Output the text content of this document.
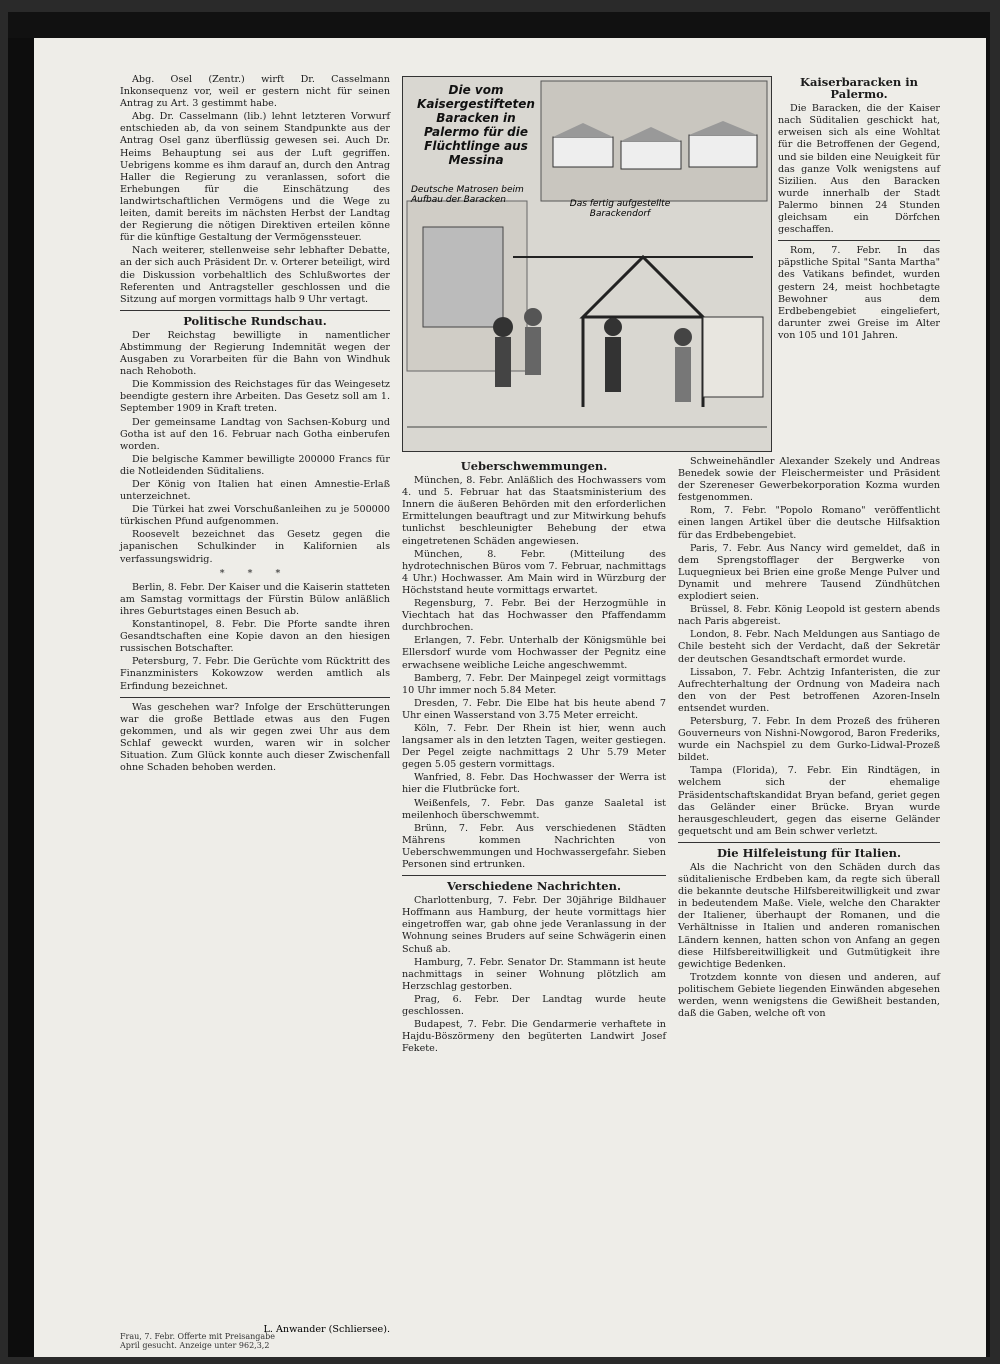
Abg. Osel (Zentr.) wirft Dr. Casselmann Inkonsequenz vor, weil er gestern nicht für seinen Antrag zu Art. 3 gestimmt habe.

Abg. Dr. Casselmann (lib.) lehnt letzteren Vorwurf entschieden ab, da von seinem Standpunkte aus der Antrag Osel ganz überflüssig gewesen sei. Auch Dr. Heims Behauptung sei aus der Luft gegriffen. Uebrigens komme es ihm darauf an, durch den Antrag Haller die Regierung zu veranlassen, sofort die Erhebungen für die Einschätzung des landwirtschaftlichen Vermögens und die Wege zu leiten, damit bereits im nächsten Herbst der Landtag der Regierung die nötigen Direktiven erteilen könne für die künftige Gestaltung der Vermögenssteuer.

Nach weiterer, stellenweise sehr lebhafter Debatte, an der sich auch Präsident Dr. v. Orterer beteiligt, wird die Diskussion vorbehaltlich des Schlußwortes der Referenten und Antragsteller geschlossen und die Sitzung auf morgen vormittags halb 9 Uhr vertagt.

Politische Rundschau.

Der Reichstag bewilligte in namentlicher Abstimmung der Regierung Indemnität wegen der Ausgaben zu Vorarbeiten für die Bahn von Windhuk nach Rehoboth.

Die Kommission des Reichstages für das Weingesetz beendigte gestern ihre Arbeiten. Das Gesetz soll am 1. September 1909 in Kraft treten.

Der gemeinsame Landtag von Sachsen-Koburg und Gotha ist auf den 16. Februar nach Gotha einberufen worden.

Die belgische Kammer bewilligte 200000 Francs für die Notleidenden Süditaliens.

Der König von Italien hat einen Amnestie-Erlaß unterzeichnet.

Die Türkei hat zwei Vorschußanleihen zu je 500000 türkischen Pfund aufgenommen.

Roosevelt bezeichnet das Gesetz gegen die japanischen Schulkinder in Kalifornien als verfassungswidrig.

* * *

Berlin, 8. Febr. Der Kaiser und die Kaiserin statteten am Samstag vormittags der Fürstin Bülow anläßlich ihres Geburtstages einen Besuch ab.

Konstantinopel, 8. Febr. Die Pforte sandte ihren Gesandtschaften eine Kopie davon an den hiesigen russischen Botschafter.

Petersburg, 7. Febr. Die Gerüchte vom Rücktritt des Finanzministers Kokowzow werden amtlich als Erfindung bezeichnet.

Was geschehen war? Infolge der Erschütterungen war die große Bettlade etwas aus den Fugen gekommen, und als wir gegen zwei Uhr aus dem Schlaf geweckt wurden, waren wir in solcher Situation. Zum Glück konnte auch dieser Zwischenfall ohne Schaden behoben werden.

L. Anwander (Schliersee).
Die vom Kaisergestifteten Baracken in Palermo für die Flüchtlinge aus Messina
Deutsche Matrosen beim Aufbau der Baracken	Das fertig aufgestellte Barackendorf
Kaiserbaracken in Palermo.

Die Baracken, die der Kaiser nach Süditalien geschickt hat, erweisen sich als eine Wohltat für die Betroffenen der Gegend, und sie bilden eine Neuigkeit für das ganze Volk wenigstens auf Sizilien. Aus den Baracken wurde innerhalb der Stadt Palermo binnen 24 Stunden gleichsam ein Dörfchen geschaffen.

Rom, 7. Febr. In das päpstliche Spital "Santa Martha" des Vatikans befindet, wurden gestern 24, meist hochbetagte Bewohner aus dem Erdbebengebiet eingeliefert, darunter zwei Greise im Alter von 105 und 101 Jahren.

Ueberschwemmungen.

München, 8. Febr. Anläßlich des Hochwassers vom 4. und 5. Februar hat das Staatsministerium des Innern die äußeren Behörden mit den erforderlichen Ermittelungen beauftragt und zur Mitwirkung behufs tunlichst beschleunigter Behebung der etwa eingetretenen Schäden angewiesen.

München, 8. Febr. (Mitteilung des hydrotechnischen Büros vom 7. Februar, nachmittags 4 Uhr.) Hochwasser. Am Main wird in Würzburg der Höchststand heute vormittags erwartet.

Regensburg, 7. Febr. Bei der Herzogmühle in Viechtach hat das Hochwasser den Pfaffendamm durchbrochen.

Erlangen, 7. Febr. Unterhalb der Königsmühle bei Ellersdorf wurde vom Hochwasser der Pegnitz eine erwachsene weibliche Leiche angeschwemmt.

Bamberg, 7. Febr. Der Mainpegel zeigt vormittags 10 Uhr immer noch 5.84 Meter.

Dresden, 7. Febr. Die Elbe hat bis heute abend 7 Uhr einen Wasserstand von 3.75 Meter erreicht.

Köln, 7. Febr. Der Rhein ist hier, wenn auch langsamer als in den letzten Tagen, weiter gestiegen. Der Pegel zeigte nachmittags 2 Uhr 5.79 Meter gegen 5.05 gestern vormittags.

Wanfried, 8. Febr. Das Hochwasser der Werra ist hier die Flutbrücke fort.

Weißenfels, 7. Febr. Das ganze Saaletal ist meilenhoch überschwemmt.

Brünn, 7. Febr. Aus verschiedenen Städten Mährens kommen Nachrichten von Ueberschwemmungen und Hochwassergefahr. Sieben Personen sind ertrunken.

Verschiedene Nachrichten.

Charlottenburg, 7. Febr. Der 30jährige Bildhauer Hoffmann aus Hamburg, der heute vormittags hier eingetroffen war, gab ohne jede Veranlassung in der Wohnung seines Bruders auf seine Schwägerin einen Schuß ab.

Hamburg, 7. Febr. Senator Dr. Stammann ist heute nachmittags in seiner Wohnung plötzlich am Herzschlag gestorben.

Prag, 6. Febr. Der Landtag wurde heute geschlossen.

Budapest, 7. Febr. Die Gendarmerie verhaftete in Hajdu-Böszörmeny den begüterten Landwirt Josef Fekete.

Schweinehändler Alexander Szekely und Andreas Benedek sowie der Fleischermeister und Präsident der Szereneser Gewerbekorporation Kozma wurden festgenommen.

Rom, 7. Febr. "Popolo Romano" veröffentlicht einen langen Artikel über die deutsche Hilfsaktion für das Erdbebengebiet.

Paris, 7. Febr. Aus Nancy wird gemeldet, daß in dem Sprengstofflager der Bergwerke von Luquegnieux bei Brien eine große Menge Pulver und Dynamit und mehrere Tausend Zündhütchen explodiert seien.

Brüssel, 8. Febr. König Leopold ist gestern abends nach Paris abgereist.

London, 8. Febr. Nach Meldungen aus Santiago de Chile besteht sich der Verdacht, daß der Sekretär der deutschen Gesandtschaft ermordet wurde.

Lissabon, 7. Febr. Achtzig Infanteristen, die zur Aufrechterhaltung der Ordnung von Madeira nach den von der Pest betroffenen Azoren-Inseln entsendet wurden.

Petersburg, 7. Febr. In dem Prozeß des früheren Gouverneurs von Nishni-Nowgorod, Baron Frederiks, wurde ein Nachspiel zu dem Gurko-Lidwal-Prozeß bildet.

Tampa (Florida), 7. Febr. Ein Rindtägen, in welchem sich der ehemalige Präsidentschaftskandidat Bryan befand, geriet gegen das Geländer einer Brücke. Bryan wurde herausgeschleudert, gegen das eiserne Geländer gequetscht und am Bein schwer verletzt.

Die Hilfeleistung für Italien.

Als die Nachricht von den Schäden durch das süditalienische Erdbeben kam, da regte sich überall die bekannte deutsche Hilfsbereitwilligkeit und zwar in bedeutendem Maße. Viele, welche den Charakter der Italiener, überhaupt der Romanen, und die Verhältnisse in Italien und anderen romanischen Ländern kennen, hatten schon von Anfang an gegen diese Hilfsbereitwilligkeit und Gutmütigkeit ihre gewichtige Bedenken.

Trotzdem konnte von diesen und anderen, auf politischem Gebiete liegenden Einwänden abgesehen werden, wenn wenigstens die Gewißheit bestanden, daß die Gaben, welche oft von

Frau, 7. Febr. Offerte mit Preisangabe
April gesucht. Anzeige unter 962,3,2
